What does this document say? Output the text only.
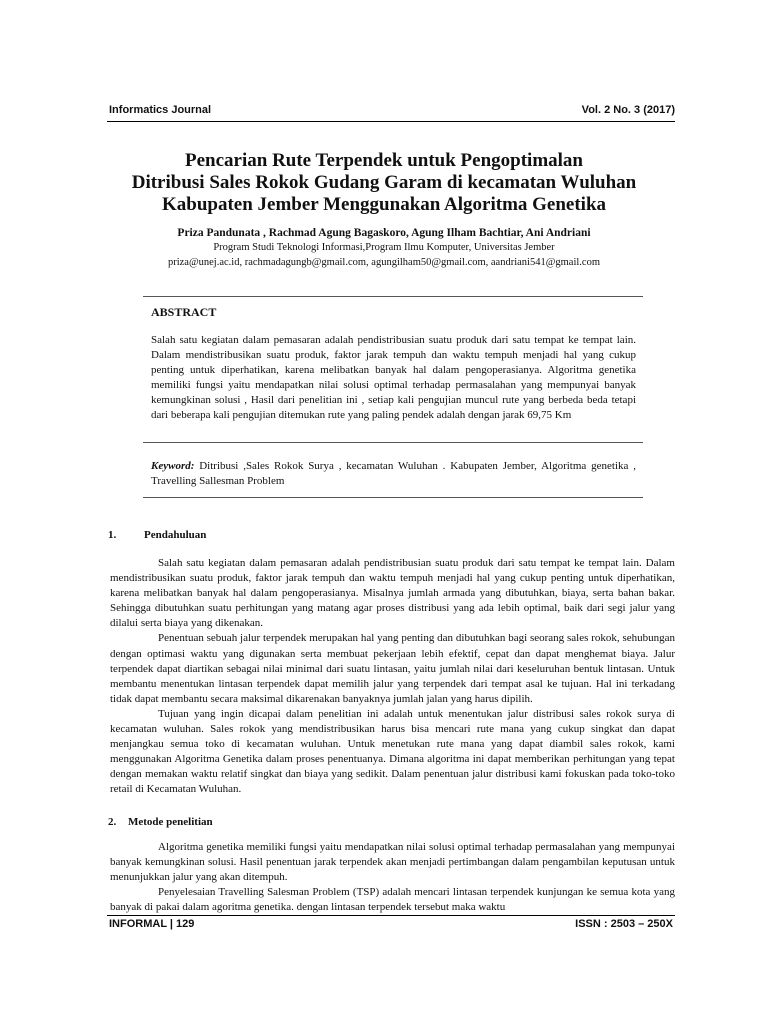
Informatics Journal	Vol. 2 No. 3 (2017)
Pencarian Rute Terpendek untuk Pengoptimalan
Ditribusi Sales Rokok Gudang Garam di kecamatan Wuluhan
Kabupaten Jember Menggunakan Algoritma Genetika
Priza Pandunata , Rachmad Agung Bagaskoro, Agung Ilham Bachtiar, Ani Andriani
Program Studi Teknologi Informasi,Program Ilmu Komputer, Universitas Jember
priza@unej.ac.id, rachmadagungb@gmail.com, agungilham50@gmail.com, aandriani541@gmail.com
ABSTRACT
Salah satu kegiatan dalam pemasaran adalah pendistribusian suatu produk dari satu tempat ke tempat lain. Dalam mendistribusikan suatu produk, faktor jarak tempuh dan waktu tempuh menjadi hal yang cukup penting untuk diperhatikan, karena melibatkan banyak hal dalam pengoperasianya. Algoritma genetika memiliki fungsi yaitu mendapatkan nilai solusi optimal terhadap permasalahan yang mempunyai banyak kemungkinan solusi , Hasil dari penelitian ini , setiap kali pengujian muncul rute yang berbeda beda tetapi dari beberapa kali pengujian ditemukan rute yang paling pendek adalah dengan jarak 69,75 Km
Keyword: Ditribusi ,Sales Rokok Surya , kecamatan Wuluhan . Kabupaten Jember, Algoritma genetika , Travelling Sallesman Problem
1.	Pendahuluan

Salah satu kegiatan dalam pemasaran adalah pendistribusian suatu produk dari satu tempat ke tempat lain. Dalam mendistribusikan suatu produk, faktor jarak tempuh dan waktu tempuh menjadi hal yang cukup penting untuk diperhatikan, karena melibatkan banyak hal dalam pengoperasianya. Misalnya jumlah armada yang dibutuhkan, biaya, serta bahan bakar. Sehingga dibutuhkan suatu perhitungan yang matang agar proses distribusi yang ada lebih optimal, baik dari segi jalur yang dilalui serta biaya yang dikenakan.

Penentuan sebuah jalur terpendek merupakan hal yang penting dan dibutuhkan bagi seorang sales rokok, sehubungan dengan optimasi waktu yang digunakan serta membuat pekerjaan lebih efektif, cepat dan dapat menghemat biaya. Jalur terpendek dapat diartikan sebagai nilai minimal dari suatu lintasan, yaitu jumlah nilai dari keseluruhan bentuk lintasan. Untuk membantu menentukan lintasan terpendek dapat memilih jalur yang terpendek dari tempat asal ke tujuan. Hal ini terkadang tidak dapat membantu secara maksimal dikarenakan banyaknya jumlah jalan yang harus dipilih.

Tujuan yang ingin dicapai dalam penelitian ini adalah untuk menentukan jalur distribusi sales rokok surya di kecamatan wuluhan. Sales rokok yang mendistribusikan harus bisa mencari rute mana yang cukup singkat dan dapat menjangkau semua toko di kecamatan wuluhan. Untuk menetukan rute mana yang dapat diambil sales rokok, kami menggunakan Algoritma Genetika dalam proses penentuanya. Dimana algoritma ini dapat memberikan perhitungan yang tepat dengan memakan waktu relatif singkat dan biaya yang sedikit. Dalam penentuan jalur distribusi kami fokuskan pada toko-toko retail di Kecamatan Wuluhan.

2. Metode penelitian

Algoritma genetika memiliki fungsi yaitu mendapatkan nilai solusi optimal terhadap permasalahan yang mempunyai banyak kemungkinan solusi. Hasil penentuan jarak terpendek akan menjadi pertimbangan dalam pengambilan keputusan untuk menunjukkan jalur yang akan ditempuh.

Penyelesaian Travelling Salesman Problem (TSP) adalah mencari lintasan terpendek kunjungan ke semua kota yang banyak di pakai dalam agoritma genetika. dengan lintasan terpendek tersebut maka waktu

INFORMAL | 129	ISSN : 2503 – 250X
